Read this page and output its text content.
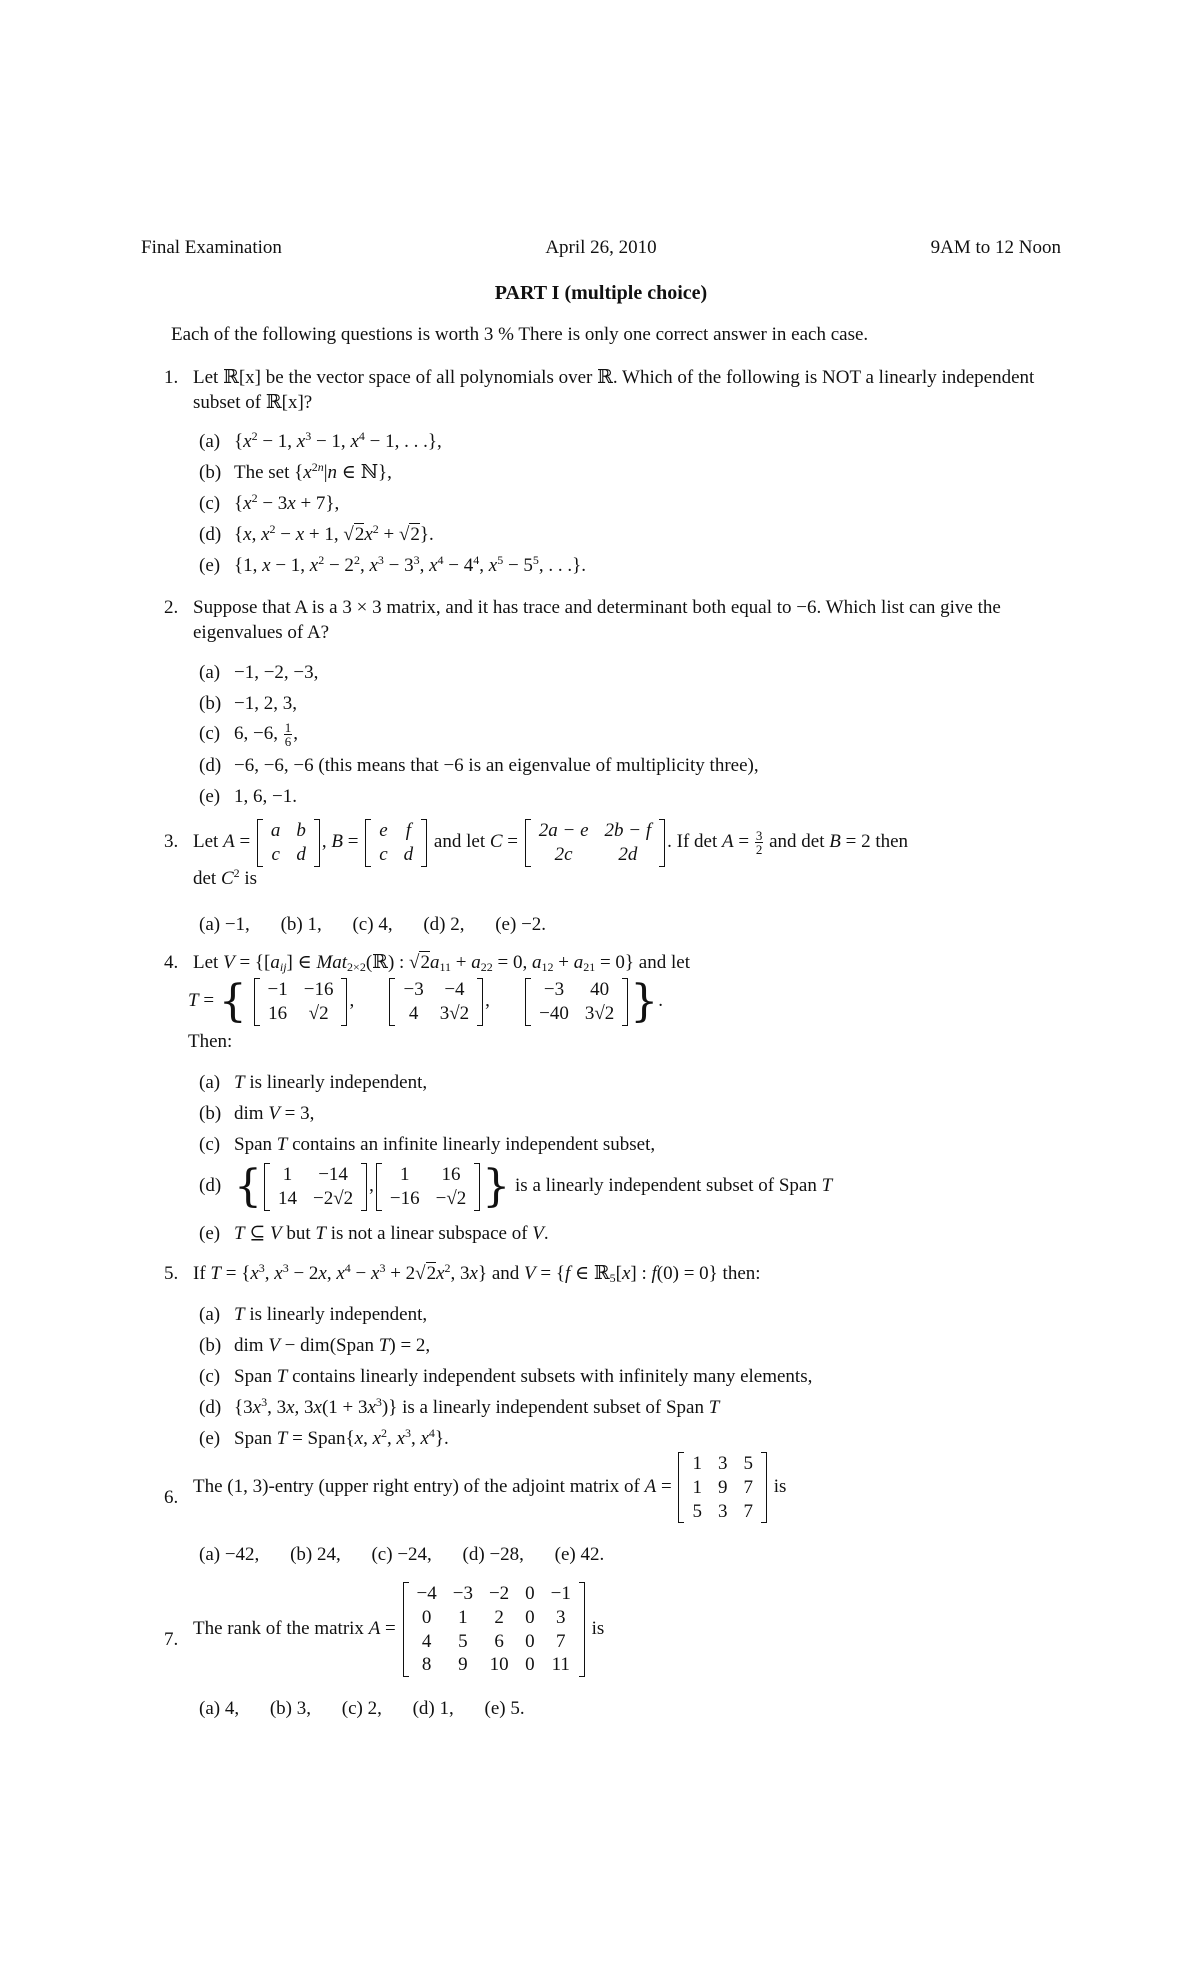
Final Examination	April 26, 2010	9AM to 12 Noon
PART I (multiple choice)
Each of the following questions is worth 3 % There is only one correct answer in each case.
1. Let ℝ[x] be the vector space of all polynomials over ℝ. Which of the following is NOT a linearly independent subset of ℝ[x]?
(a) {$x^2 - 1$, $x^3 - 1$, $x^4 - 1$, . . .},
(b) The set {$x^{2n}|n$ ∈ ℕ},
(c) $\{x^2 - 3x + 7\}$,
(d) {x, $x^2 - x + 1$, $√2x^2 + √2$}.
(e) {1, x − 1, $x^2 - 2^2$, $x^3 - 3^3$, $x^4 - 4^4$, $x^5 - 5^5$, . . .}.
2. Suppose that A is a 3 × 3 matrix, and it has trace and determinant both equal to −6. Which list can give the eigenvalues of A?
(a) −1, −2, −3,
(b) −1, 2, 3,
(c) 6, −6, $\frac{1}{6}$ ,
(d) −6, −6, −6 (this means that −6 is an eigenvalue of multiplicity three),
(e) 1, 6, −1.
3. Let A =
a	b
c	d
, B =
e	f
c	d
and let C =
2a − e	2b − f
2c	2d
. If $\det A = \frac{3}{2}$ and det B = 2 then
$\det C^2$ is
(a) −1, (b) 1, (c) 4, (d) 2, (e) −2.
4. Let $V = \{[a_{ij}]$ ∈ Mat$_{2\times 2}$(ℝ) : $√2a_{11} + a_{22} = 0$, $a_{12} + a_{21} = 0$} and let
T = { −1	−16
16	√2
,
−3	−4
4	3√2
,
−3	40
−40	3√2 }.
Then:
(a) T is linearly independent,
(b) dim V = 3,
(c) Span T contains an infinite linearly independent subset,
(d) { 1	−14
14	−2√2
,
1	16
−16	−√2 } is a linearly independent subset of Span T
(e) T ⊆ V but T is not a linear subspace of V.
5. If $T = \{x^3$, $x^3 - 2x$, $x^4 - x^3 + 2√2x^2$, 3x} and V = {f ∈ ℝ$_5$[x] : f(0) = 0} then:
(a) T is linearly independent,
(b) dim V − dim(Span T) = 2,
(c) Span T contains linearly independent subsets with infinitely many elements,
(d) {$3x^3$, 3x, $3x(1 + 3x^3)$} is a linearly independent subset of Span T
(e) Span T = Span{x, $x^2$, $x^3$, $x^4$}.
6.
The (1, 3)-entry (upper right entry) of the adjoint matrix of A =
1	3	5
1	9	7
5	3	7
is
(a) −42, (b) 24, (c) −24, (d) −28, (e) 42.
7.
The rank of the matrix A =
−4	−3	−2	0	−1
0	1	2	0	3
4	5	6	0	7
8	9	10	0	11
is
(a) 4, (b) 3, (c) 2, (d) 1, (e) 5.
